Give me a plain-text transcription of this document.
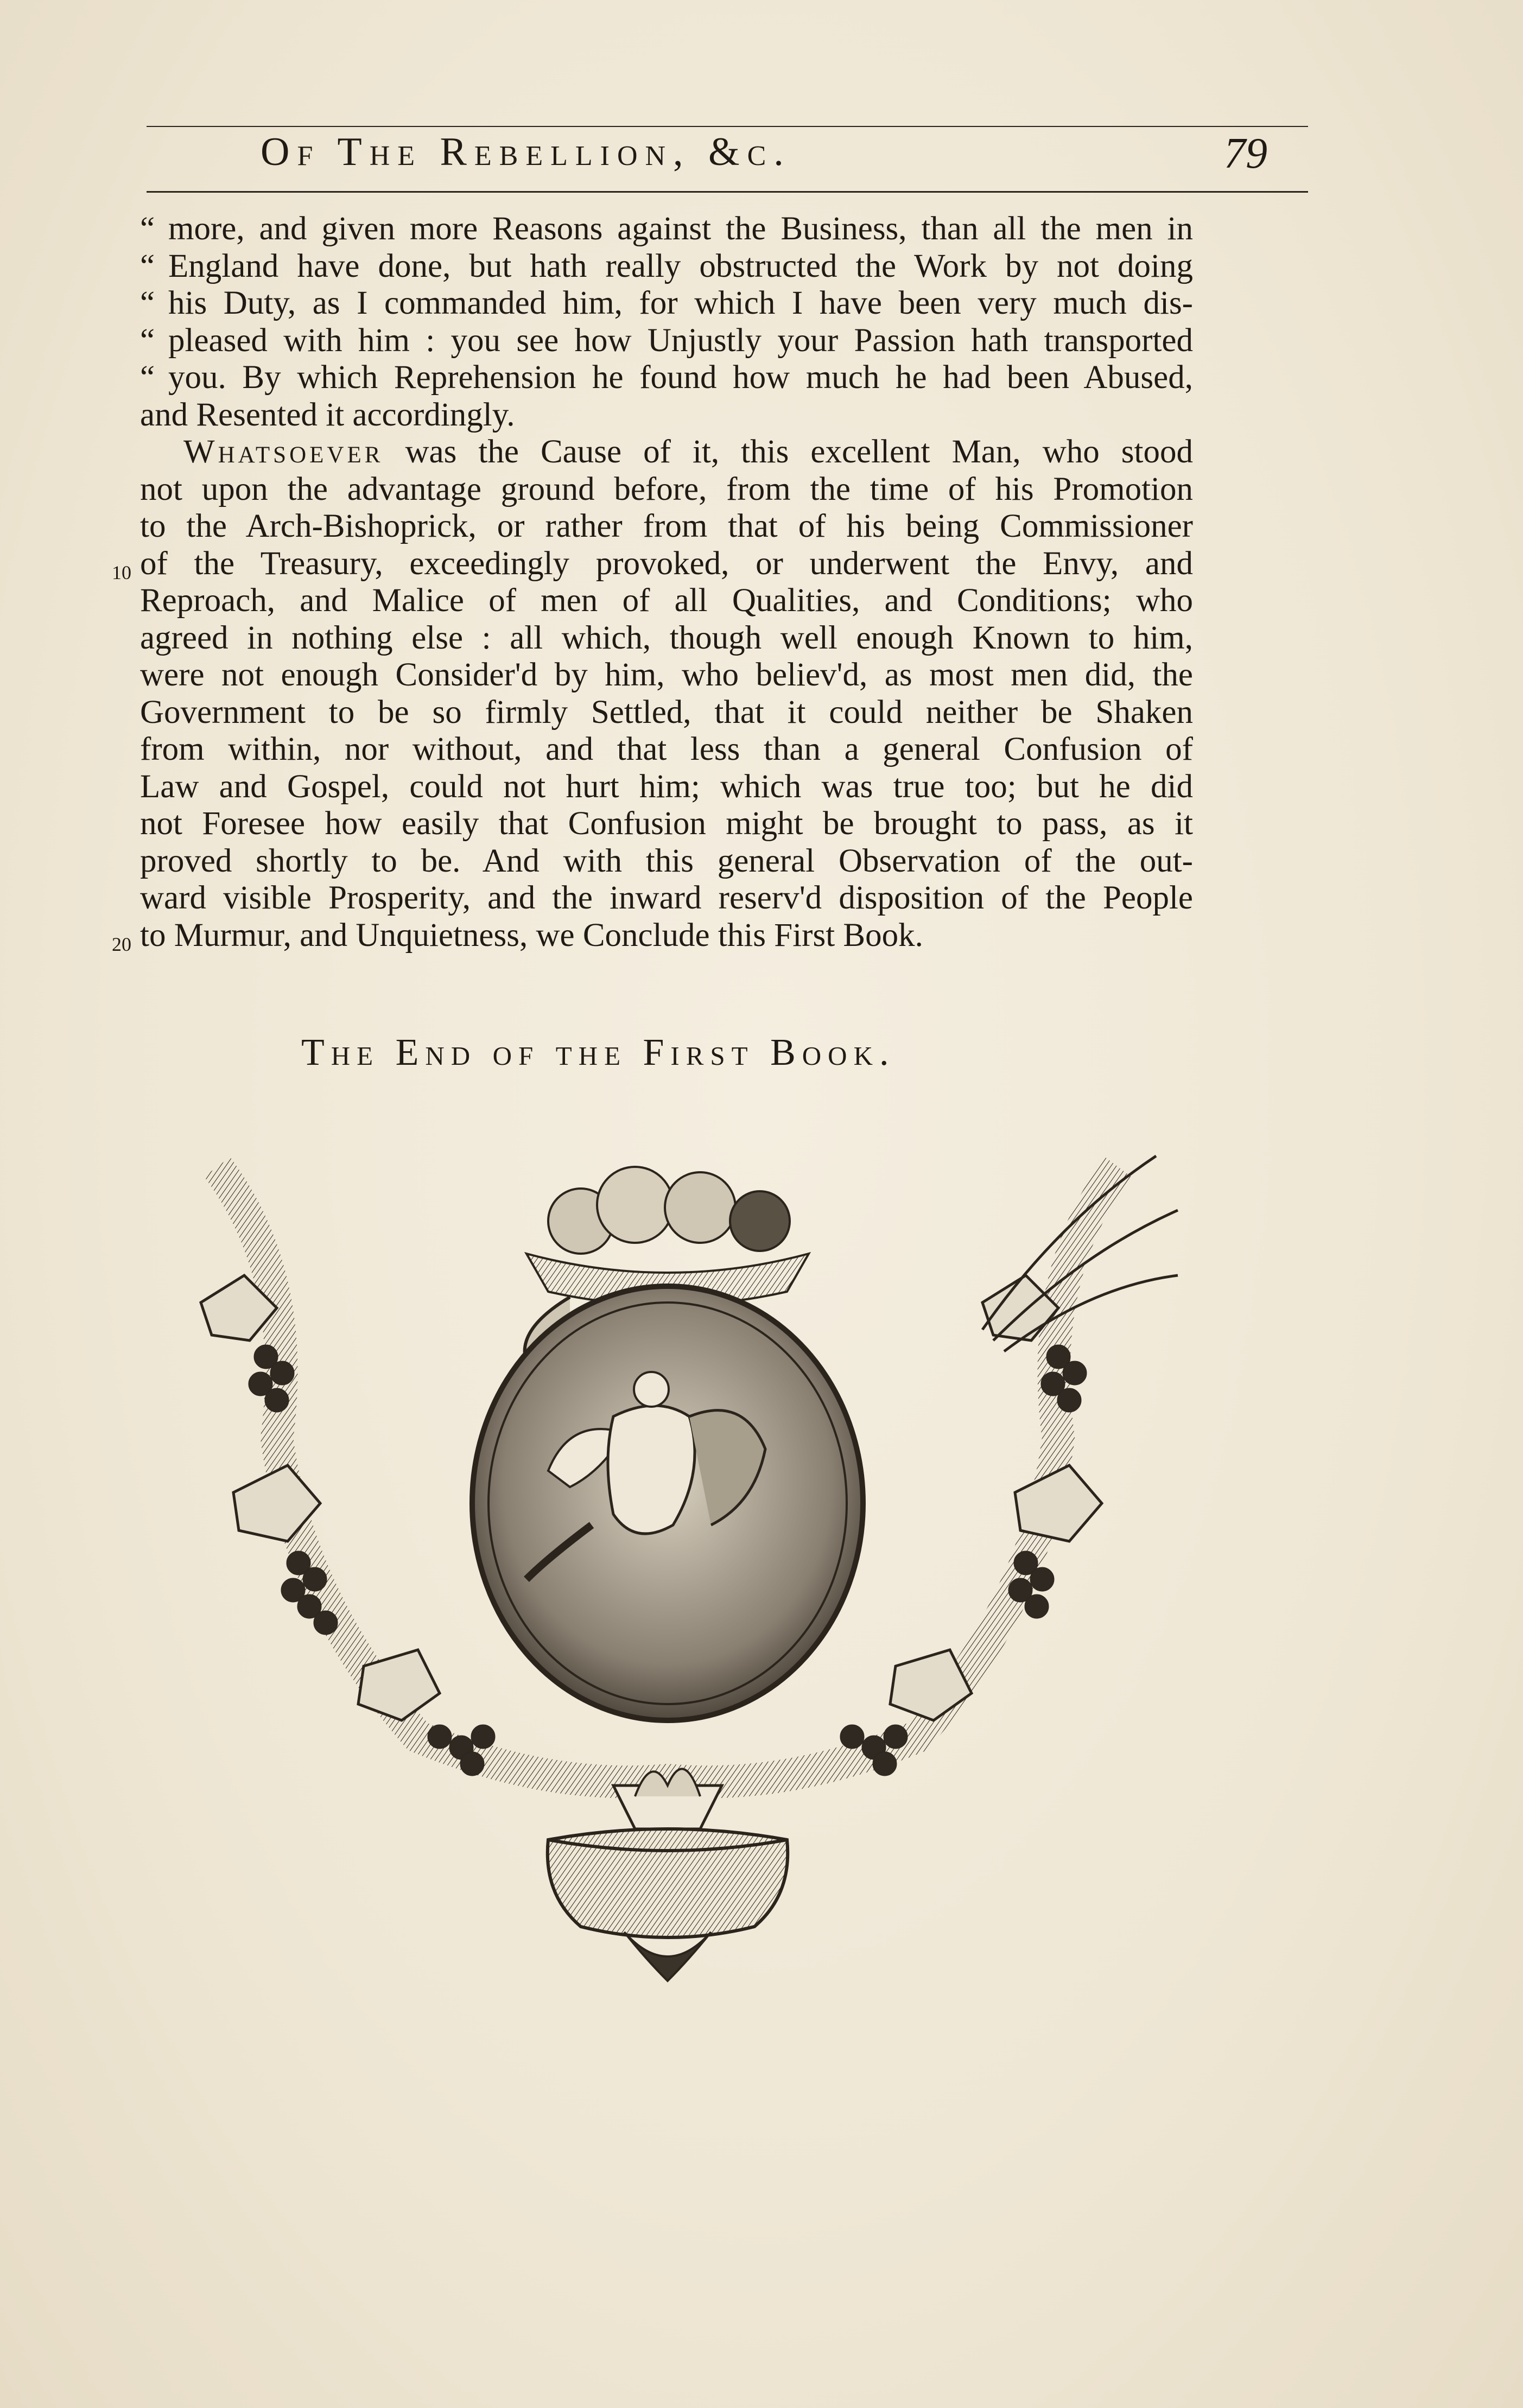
Of The Rebellion, &c.	79
“ more, and given more Reasons against the Business, than all the men in
“ England have done, but hath really obstructed the Work by not doing
“ his Duty, as I commanded him, for which I have been very much dis-
“ pleased with him : you see how Unjustly your Passion hath transported
“ you. By which Reprehension he found how much he had been Abused,
and Resented it accordingly.
Whatsoever was the Cause of it, this excellent Man, who stood
not upon the advantage ground before, from the time of his Promotion
to the Arch-Bishoprick, or rather from that of his being Commissioner
10 of the Treasury, exceedingly provoked, or underwent the Envy, and
Reproach, and Malice of men of all Qualities, and Conditions; who
agreed in nothing else : all which, though well enough Known to him,
were not enough Consider'd by him, who believ'd, as most men did, the
Government to be so firmly Settled, that it could neither be Shaken
from within, nor without, and that less than a general Confusion of
Law and Gospel, could not hurt him; which was true too; but he did
not Foresee how easily that Confusion might be brought to pass, as it
proved shortly to be. And with this general Observation of the out-
ward visible Prosperity, and the inward reserv'd disposition of the People
20 to Murmur, and Unquietness, we Conclude this First Book.
The End of the First Book.
